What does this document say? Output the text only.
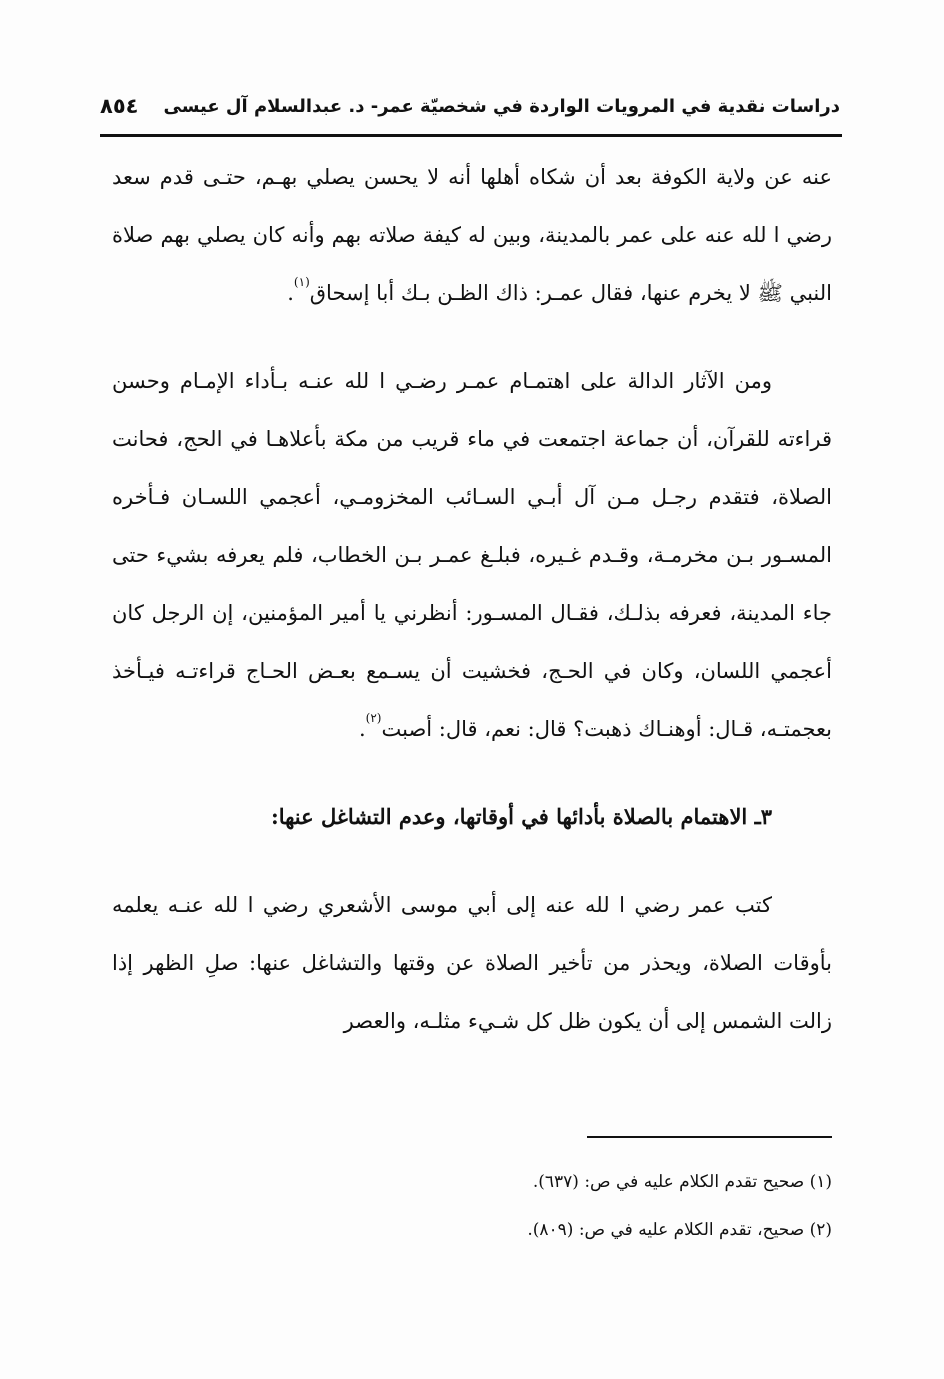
دراسات نقدية في المرويات الواردة في شخصيّة عمر- د. عبدالسلام آل عيسى
٨٥٤

عنه عن ولاية الكوفة بعد أن شكاه أهلها أنه لا يحسن يصلي بهـم، حتـى قدم سعد رضي ا لله عنه على عمر بالمدينة، وبين له كيفة صلاته بهم وأنه كان يصلي بهم صلاة النبي ﷺ لا يخرم عنها، فقال عمـر: ذاك الظـن بـك أبا إسحاق$^{(١)}$.

ومن الآثار الدالة على اهتمـام عمـر رضـي ا لله عنـه بـأداء الإمـام وحسن قراءته للقرآن، أن جماعة اجتمعت في ماء قريب من مكة بأعلاهـا في الحج، فحانت الصلاة، فتقدم رجـل مـن آل أبـي السـائب المخزومـي، أعجمي اللسـان فـأخره المسـور بـن مخرمـة، وقـدم غـيره، فبلـغ عمـر بـن الخطاب، فلم يعرفه بشيء حتى جاء المدينة، فعرفه بذلـك، فقـال المسـور: أنظرني يا أمير المؤمنين، إن الرجل كان أعجمي اللسان، وكان في الحـج، فخشيت أن يسـمع بعـض الحـاج قراءتـه فيـأخذ بعجمتـه، قـال: أوهنـاك ذهبت؟ قال: نعم، قال: أصبت$^{(٢)}$.

٣ـ الاهتمام بالصلاة بأدائها في أوقاتها، وعدم التشاغل عنها:

كتب عمر رضي ا لله عنه إلى أبي موسى الأشعري رضي ا لله عنـه يعلمه بأوقات الصلاة، ويحذر من تأخير الصلاة عن وقتها والتشاغل عنها: صلِ الظهر إذا زالت الشمس إلى أن يكون ظل كل شـيء مثلـه، والعصر

(١) صحيح تقدم الكلام عليه في ص: (٦٣٧).

(٢) صحيح، تقدم الكلام عليه في ص: (٨٠٩).
